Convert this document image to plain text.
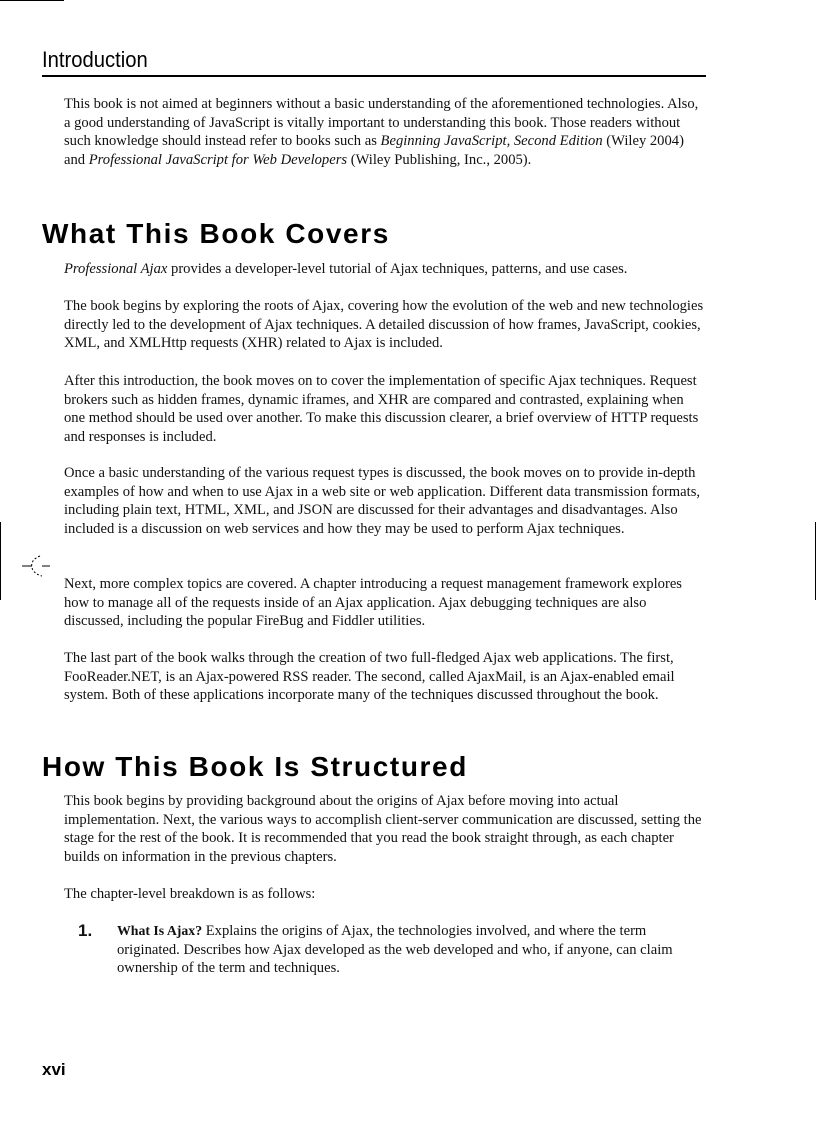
Introduction

This book is not aimed at beginners without a basic understanding of the aforementioned technologies. Also, a good understanding of JavaScript is vitally important to understanding this book. Those readers without such knowledge should instead refer to books such as Beginning JavaScript, Second Edition (Wiley 2004) and Professional JavaScript for Web Developers (Wiley Publishing, Inc., 2005).

What This Book Covers

Professional Ajax provides a developer-level tutorial of Ajax techniques, patterns, and use cases.

The book begins by exploring the roots of Ajax, covering how the evolution of the web and new technologies directly led to the development of Ajax techniques. A detailed discussion of how frames, JavaScript, cookies, XML, and XMLHttp requests (XHR) related to Ajax is included.

After this introduction, the book moves on to cover the implementation of specific Ajax techniques. Request brokers such as hidden frames, dynamic iframes, and XHR are compared and contrasted, explaining when one method should be used over another. To make this discussion clearer, a brief overview of HTTP requests and responses is included.

Once a basic understanding of the various request types is discussed, the book moves on to provide in-depth examples of how and when to use Ajax in a web site or web application. Different data transmission formats, including plain text, HTML, XML, and JSON are discussed for their advantages and disadvantages. Also included is a discussion on web services and how they may be used to perform Ajax techniques.

Next, more complex topics are covered. A chapter introducing a request management framework explores how to manage all of the requests inside of an Ajax application. Ajax debugging techniques are also discussed, including the popular FireBug and Fiddler utilities.

The last part of the book walks through the creation of two full-fledged Ajax web applications. The first, FooReader.NET, is an Ajax-powered RSS reader. The second, called AjaxMail, is an Ajax-enabled email system. Both of these applications incorporate many of the techniques discussed throughout the book.

How This Book Is Structured

This book begins by providing background about the origins of Ajax before moving into actual implementation. Next, the various ways to accomplish client-server communication are discussed, setting the stage for the rest of the book. It is recommended that you read the book straight through, as each chapter builds on information in the previous chapters.

The chapter-level breakdown is as follows:

1. What Is Ajax? Explains the origins of Ajax, the technologies involved, and where the term originated. Describes how Ajax developed as the web developed and who, if anyone, can claim ownership of the term and techniques.
xvi
